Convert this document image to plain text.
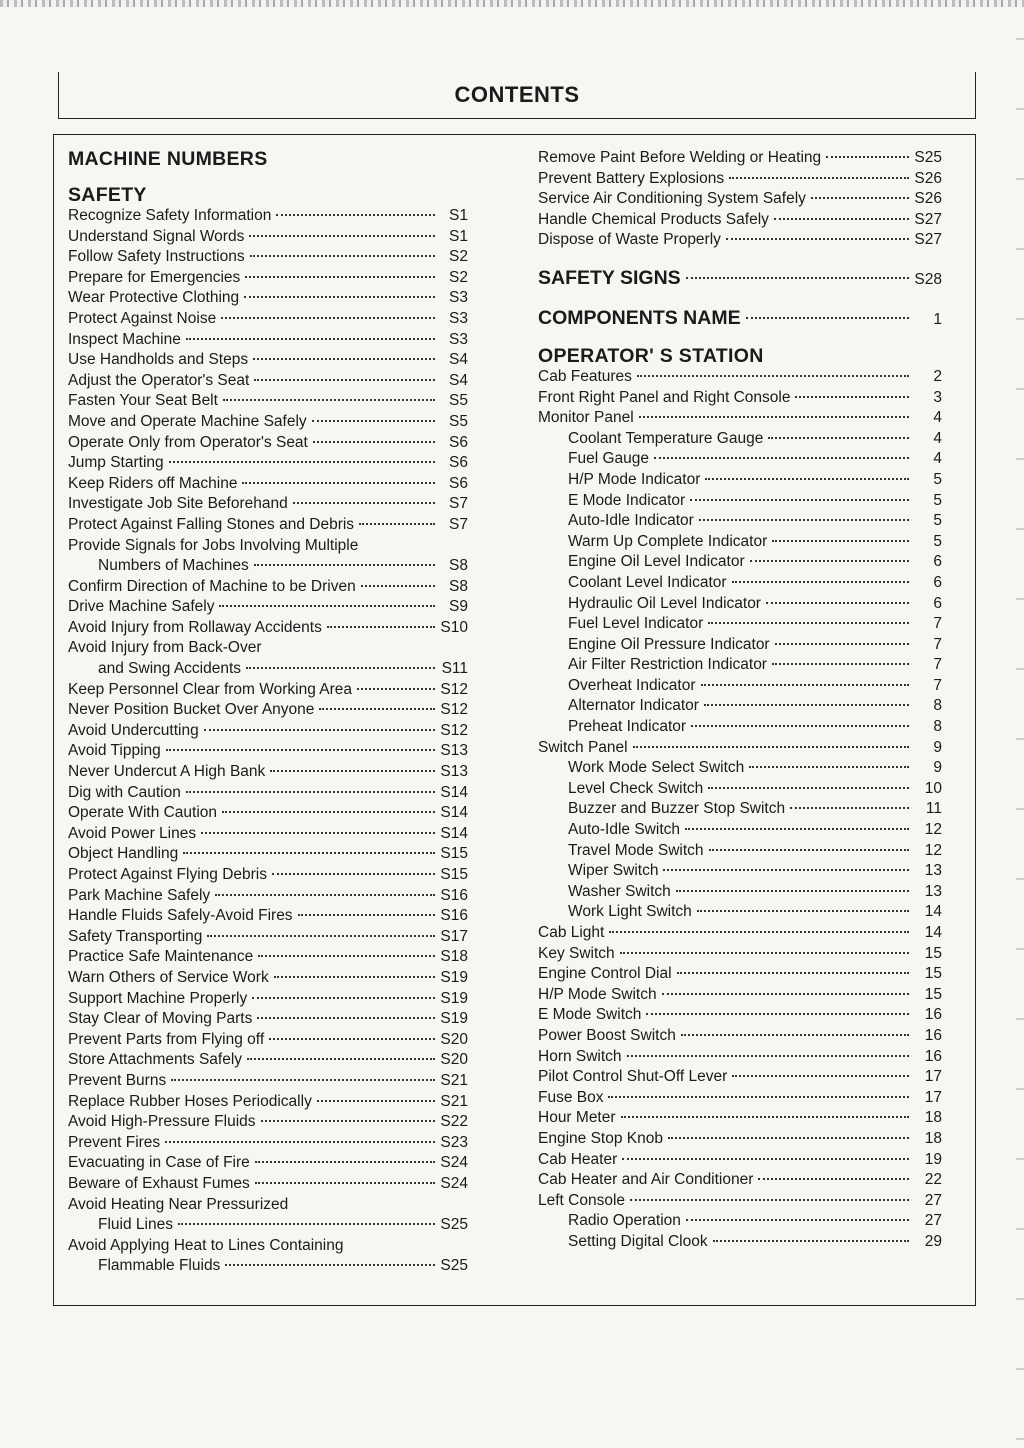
CONTENTS
MACHINE NUMBERS
SAFETY
Recognize Safety Information	S1
Understand Signal Words	S1
Follow Safety Instructions	S2
Prepare for Emergencies	S2
Wear Protective Clothing	S3
Protect Against Noise	S3
Inspect Machine	S3
Use Handholds and Steps	S4
Adjust the Operator's Seat	S4
Fasten Your Seat Belt	S5
Move and Operate Machine Safely	S5
Operate Only from Operator's Seat	S6
Jump Starting	S6
Keep Riders off Machine	S6
Investigate Job Site Beforehand	S7
Protect Against Falling Stones and Debris	S7
Provide Signals for Jobs Involving Multiple
Numbers of Machines	S8
Confirm Direction of Machine to be Driven	S8
Drive Machine Safely	S9
Avoid Injury from Rollaway Accidents	S10
Avoid Injury from Back-Over
and Swing Accidents	S11
Keep Personnel Clear from Working Area	S12
Never Position Bucket Over Anyone	S12
Avoid Undercutting	S12
Avoid Tipping	S13
Never Undercut A High Bank	S13
Dig with Caution	S14
Operate With Caution	S14
Avoid Power Lines	S14
Object Handling	S15
Protect Against Flying Debris	S15
Park Machine Safely	S16
Handle Fluids Safely-Avoid Fires	S16
Safety Transporting	S17
Practice Safe Maintenance	S18
Warn Others of Service Work	S19
Support Machine Properly	S19
Stay Clear of Moving Parts	S19
Prevent Parts from Flying off	S20
Store Attachments Safely	S20
Prevent Burns	S21
Replace Rubber Hoses Periodically	S21
Avoid High-Pressure Fluids	S22
Prevent Fires	S23
Evacuating in Case of Fire	S24
Beware of Exhaust Fumes	S24
Avoid Heating Near Pressurized
Fluid Lines	S25
Avoid Applying Heat to Lines Containing
Flammable Fluids	S25
Remove Paint Before Welding or Heating	S25
Prevent Battery Explosions	S26
Service Air Conditioning System Safely	S26
Handle Chemical Products Safely	S27
Dispose of Waste Properly	S27
SAFETY SIGNS	S28
COMPONENTS NAME	1
OPERATOR' S STATION
Cab Features	2
Front Right Panel and Right Console	3
Monitor Panel	4
Coolant Temperature Gauge	4
Fuel Gauge	4
H/P Mode Indicator	5
E Mode Indicator	5
Auto-Idle Indicator	5
Warm Up Complete Indicator	5
Engine Oil Level Indicator	6
Coolant Level Indicator	6
Hydraulic Oil Level Indicator	6
Fuel Level Indicator	7
Engine Oil Pressure Indicator	7
Air Filter Restriction Indicator	7
Overheat Indicator	7
Alternator Indicator	8
Preheat Indicator	8
Switch Panel	9
Work Mode Select Switch	9
Level Check Switch	10
Buzzer and Buzzer Stop Switch	11
Auto-Idle Switch	12
Travel Mode Switch	12
Wiper Switch	13
Washer Switch	13
Work Light Switch	14
Cab Light	14
Key Switch	15
Engine Control Dial	15
H/P Mode Switch	15
E Mode Switch	16
Power Boost Switch	16
Horn Switch	16
Pilot Control Shut-Off Lever	17
Fuse Box	17
Hour Meter	18
Engine Stop Knob	18
Cab Heater	19
Cab Heater and Air Conditioner	22
Left Console	27
Radio Operation	27
Setting Digital Clook	29
